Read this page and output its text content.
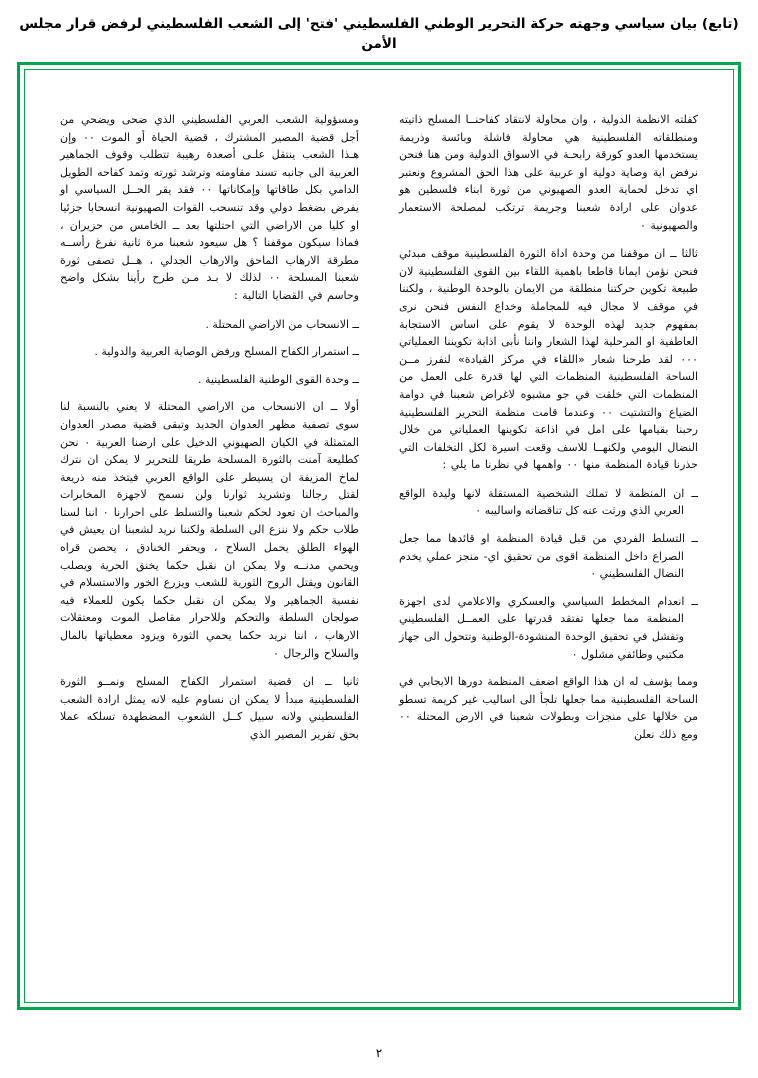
(تابع) بيان سياسي وجهته حركة التحرير الوطني الفلسطيني 'فتح' إلى الشعب الفلسطيني لرفض قرار مجلس الأمن

ومسؤولية الشعب العربي الفلسطيني الذي ضحى ويضحي من أجل قضية المصير المشترك ، قضية الحياة أو الموت ۰۰ وإن هـذا الشعب ينتقل علـى أصعدة رهيبة تتطلب وقوف الجماهير العربية الى جانبه تسند مقاومته وترشد ثورته وتمد كفاحه الطويل الدامي بكل طاقاتها وإمكاناتها ۰۰ فقد يقر الحــل السياسي او يفرض بضغط دولي وقد تنسحب القوات الصهيونية انسحابا جزئيا او كليا من الاراضي التي احتلتها بعد ــ الخامس من حزيران ، فماذا سيكون موقفنا ؟ هل سيعود شعبنا مرة ثانية نفرغ رأســه مطرقة الارهاب الماحق والارهاب الجدلي ، هــل تصفى ثورة شعبنا المسلحة ۰۰ لذلك لا بـد مـن طرح رأينا بشكل واضح وحاسم في القضايا التالية :

ــ الانسحاب من الاراضي المحتلة .

ــ استمرار الكفاح المسلح ورفض الوصاية العربية والدولية .

ــ وحدة القوى الوطنية الفلسطينية .

أولا ــ ان الانسحاب من الاراضي المحتلة لا يعني بالنسبة لنا سوى تصفية مظهر العدوان الجديد وتبقى قضية مصدر العدوان المتمثلة في الكيان الصهيوني الدخيل على ارضنا العربية ۰ نحن كطليعة آمنت بالثورة المسلحة طريقا للتحرير لا يمكن ان نترك لماخ المزيفة ان يسيطر على الواقع العربي فيتخذ منه ذريعة لقتل رجالنا وتشريد ثوارنا ولن نسمح لاجهزة المخابرات والمباحث ان تعود لحكم شعبنا والتسلط على احرارنا ۰ اننا لسنا طلاب حكم ولا ننزع الى السلطة ولكننا نريد لشعبنا ان يعيش في الهواء الطلق يحمل السلاح ، ويحفر الخنادق ، يحصن قراه ويحمي مدنــه ولا يمكن ان نقبل حكما يخنق الحرية ويصلب القانون ويقتل الروح الثورية للشعب ويزرع الخور والاستسلام في نفسية الجماهير ولا يمكن ان نقبل حكما يكون للعملاء فيه صولجان السلطة والتحكم وللاحرار مقاصل الموت ومعتقلات الارهاب ، اننا نريد حكما يحمي الثورة ويزود معطياتها بالمال والسلاح والرجال ۰

ثانيا ــ ان قضية استمرار الكفاح المسلح ونمــو الثورة الفلسطينية مبدأ لا يمكن ان نساوم عليه لانه يمثل ارادة الشعب الفلسطيني ولانه سبيل كــل الشعوب المضطهدة تسلكه عملا بحق تقرير المصير الذي

كفلته الانظمة الدولية ، وان محاولة لانتقاد كفاحنــا المسلح ذاتيته ومنطلقاته الفلسطينية هي محاولة فاشلة وبائسة وذريمة يستخدمها العدو كورقة رابحـة في الاسواق الدولية ومن هنا فنحن نرفض اية وصاية دولية او عربية على هذا الحق المشروع ونعتبر اي تدخل لحماية العدو الصهيوني من ثورة ابناء فلسطين هو عدوان على ارادة شعبنا وجريمة ترتكب لمصلحة الاستعمار والصهيونية ۰

ثالثا ــ ان موقفنا من وحدة اداة الثورة الفلسطينية موقف مبدئي فنحن نؤمن ايمانا قاطعا باهمية اللقاء بين القوى الفلسطينية لان طبيعة تكوين حركتنا منطلقة من الايمان بالوحدة الوطنية ، ولكننا في موقف لا مجال فيه للمجاملة وخداع النفس فنحن نرى بمفهوم جديد لهذه الوحدة لا يقوم على اساس الاستجابة العاطفية او المرحلية لهذا الشعار واننا نأبى اذابة تكويننا العملياتي ۰۰۰ لقد طرحنا شعار «اللقاء في مركز القيادة» لنفرز مــن الساحة الفلسطينية المنظمات التي لها قدرة على العمل من المنظمات التي خلقت في جو مشبوه لاغراض شعبنا في دوامة الضياع والتشتيت ۰۰ وعندما قامت منظمة التحرير الفلسطينية رحبنا بقيامها على امل في اذاعة تكوينها العملياتي من خلال النضال اليومي ولكنهــا للاسف وقعت اسيرة لكل التخلفات التي حذرنا قيادة المنظمة منها ۰۰ واهمها في نظرنا ما يلي :

ــ ان المنظمة لا تملك الشخصية المستقلة لانها وليدة الواقع العربي الذي ورثت عنه كل تناقضاته واساليبه ۰

ــ التسلط الفردي من قبل قيادة المنظمة او قائدها مما جعل الصراع داخل المنظمة اقوى من تحقيق اي- منجز عملي يخدم النضال الفلسطيني ۰

ــ انعدام المخطط السياسي والعسكري والاعلامي لدى اجهزة المنظمة مما جعلها تفتقد قدرتها على العمــل الفلسطيني وتفشل في تحقيق الوحدة المنشودة-الوطنية وتتحول الى جهاز مكتبي وظائفي مشلول ۰

ومما يؤسف له ان هذا الواقع اضعف المنظمة دورها الايجابي في الساحة الفلسطينية مما جعلها تلجأ الى اساليب غير كريمة تسطو من خلالها على منجزات وبطولات شعبنا في الارض المحتلة ۰۰ ومع ذلك نعلن

٢
